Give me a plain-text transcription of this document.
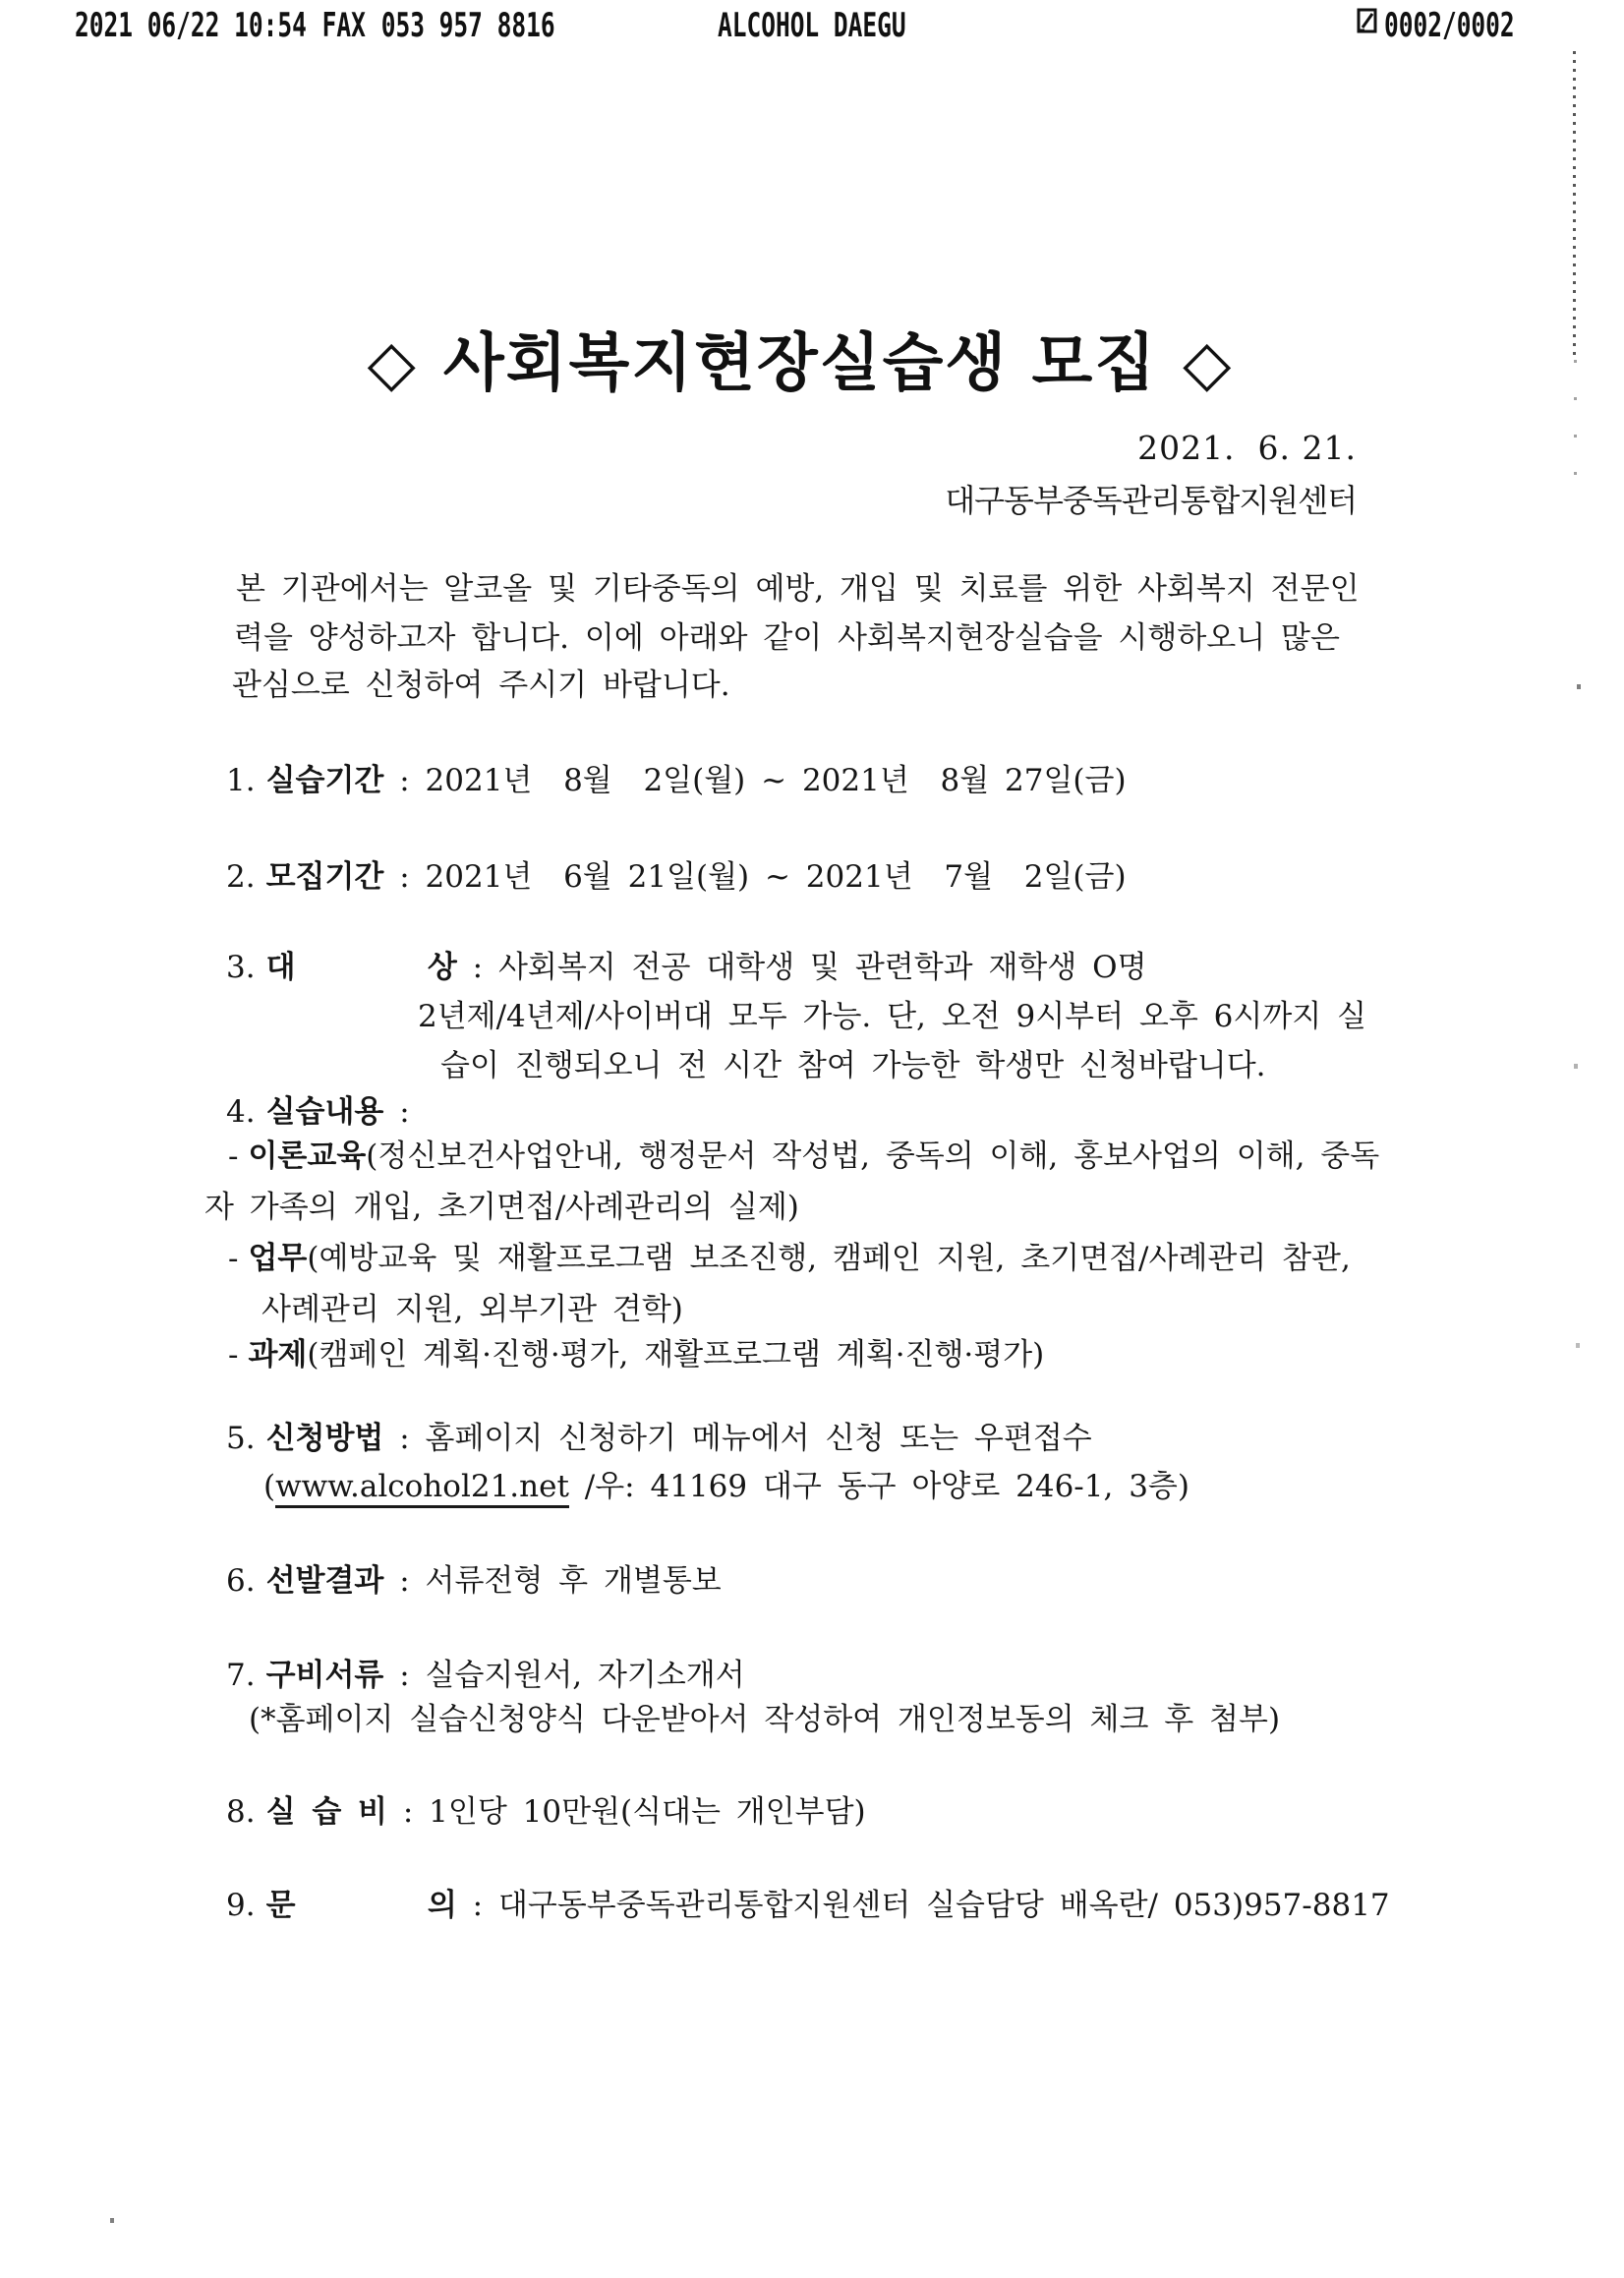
2021 06/22 10:54 FAX 053 957 8816	ALCOHOL DAEGU	0002/0002
◇ 사회복지현장실습생 모집 ◇
2021.  6. 21.
대구동부중독관리통합지원센터
본 기관에서는 알코올 및 기타중독의 예방, 개입 및 치료를 위한 사회복지 전문인
력을 양성하고자 합니다. 이에 아래와 같이 사회복지현장실습을 시행하오니 많은
관심으로 신청하여 주시기 바랍니다.
1. 실습기간 : 2021년  8월  2일(월) ~ 2021년  8월 27일(금)
2. 모집기간 : 2021년  6월 21일(월) ~ 2021년  7월  2일(금)
3. 대        상 : 사회복지 전공 대학생 및 관련학과 재학생 O명
2년제/4년제/사이버대 모두 가능. 단, 오전 9시부터 오후 6시까지 실
습이 진행되오니 전 시간 참여 가능한 학생만 신청바랍니다.
4. 실습내용 :
- 이론교육(정신보건사업안내, 행정문서 작성법, 중독의 이해, 홍보사업의 이해, 중독
자 가족의 개입, 초기면접/사례관리의 실제)
- 업무(예방교육 및 재활프로그램 보조진행, 캠페인 지원, 초기면접/사례관리 참관,
사례관리 지원, 외부기관 견학)
- 과제(캠페인 계획·진행·평가, 재활프로그램 계획·진행·평가)
5. 신청방법 : 홈페이지 신청하기 메뉴에서 신청 또는 우편접수
(www.alcohol21.net /우: 41169 대구 동구 아양로 246-1, 3층)
6. 선발결과 : 서류전형 후 개별통보
7. 구비서류 : 실습지원서, 자기소개서
(*홈페이지 실습신청양식 다운받아서 작성하여 개인정보동의 체크 후 첨부)
8. 실 습 비 : 1인당 10만원(식대는 개인부담)
9. 문        의 : 대구동부중독관리통합지원센터 실습담당 배옥란/ 053)957-8817
